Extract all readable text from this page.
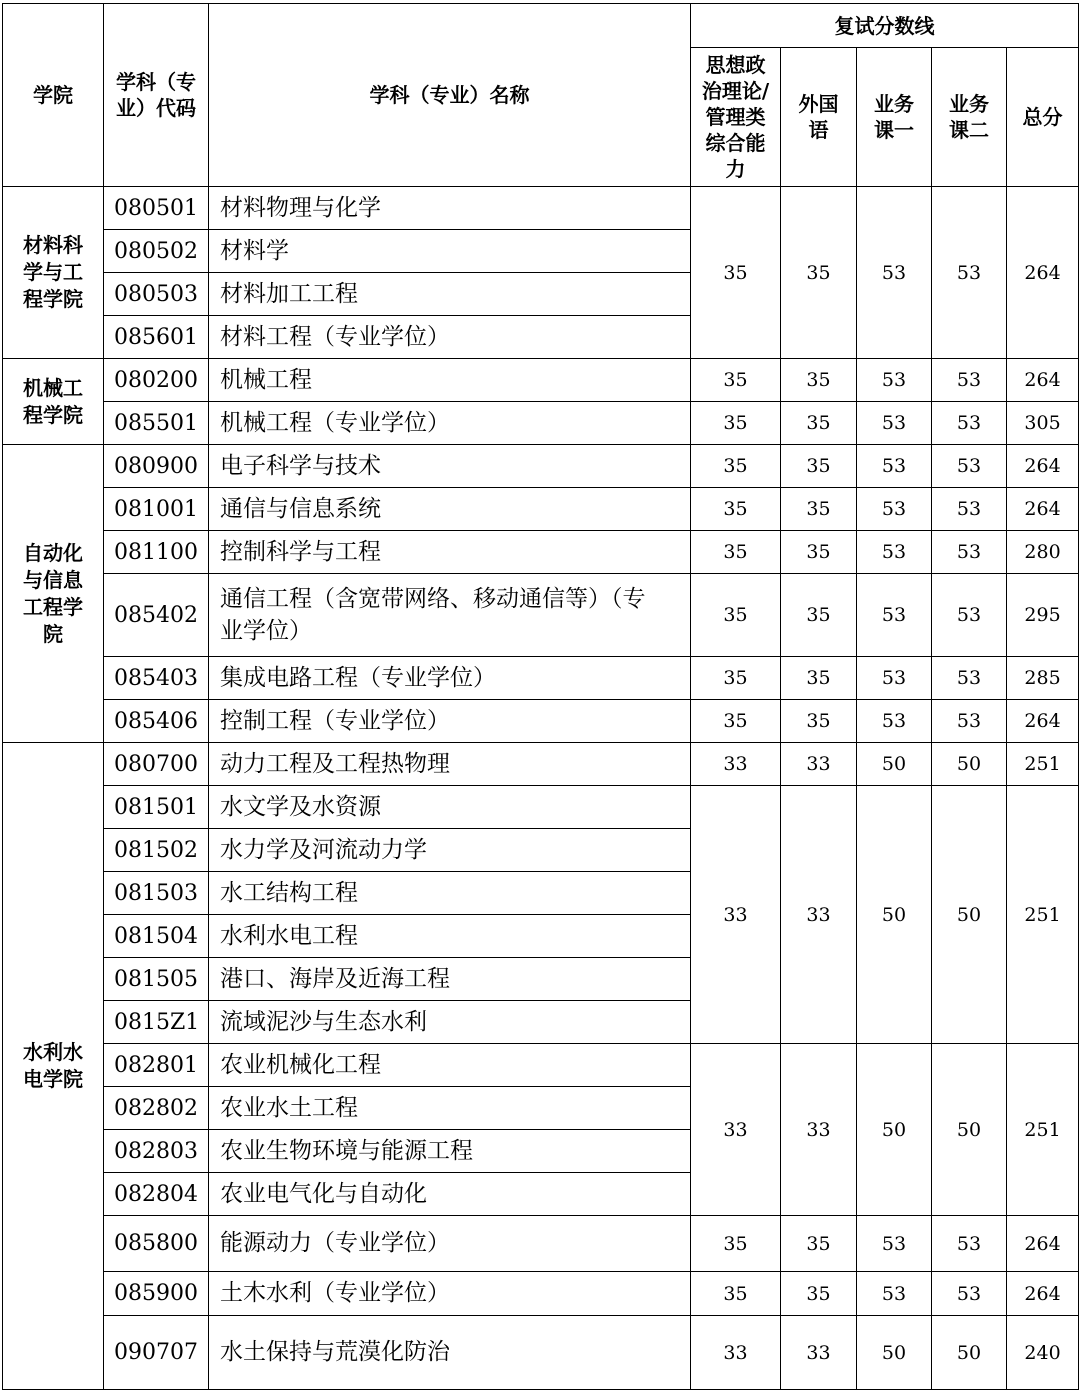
学院	学科（专业）代码	学科（专业）名称	复试分数线				
			思想政治理论/管理类综合能力	外国语	业务课一	业务课二	总分
材料科学与工程学院	080501	材料物理与化学	35	35	53	53	264
	080502	材料学					
	080503	材料加工工程					
	085601	材料工程（专业学位）					
机械工程学院	080200	机械工程	35	35	53	53	264
	085501	机械工程（专业学位）	35	35	53	53	305
自动化与信息工程学院	080900	电子科学与技术	35	35	53	53	264
	081001	通信与信息系统	35	35	53	53	264
	081100	控制科学与工程	35	35	53	53	280
	085402	通信工程（含宽带网络、移动通信等）（专业学位）	35	35	53	53	295
	085403	集成电路工程（专业学位）	35	35	53	53	285
	085406	控制工程（专业学位）	35	35	53	53	264
水利水电学院	080700	动力工程及工程热物理	33	33	50	50	251
	081501	水文学及水资源	33	33	50	50	251
	081502	水力学及河流动力学					
	081503	水工结构工程					
	081504	水利水电工程					
	081505	港口、海岸及近海工程					
	0815Z1	流域泥沙与生态水利					
	082801	农业机械化工程	33	33	50	50	251
	082802	农业水土工程					
	082803	农业生物环境与能源工程					
	082804	农业电气化与自动化					
	085800	能源动力（专业学位）	35	35	53	53	264
	085900	土木水利（专业学位）	35	35	53	53	264
	090707	水土保持与荒漠化防治	33	33	50	50	240
